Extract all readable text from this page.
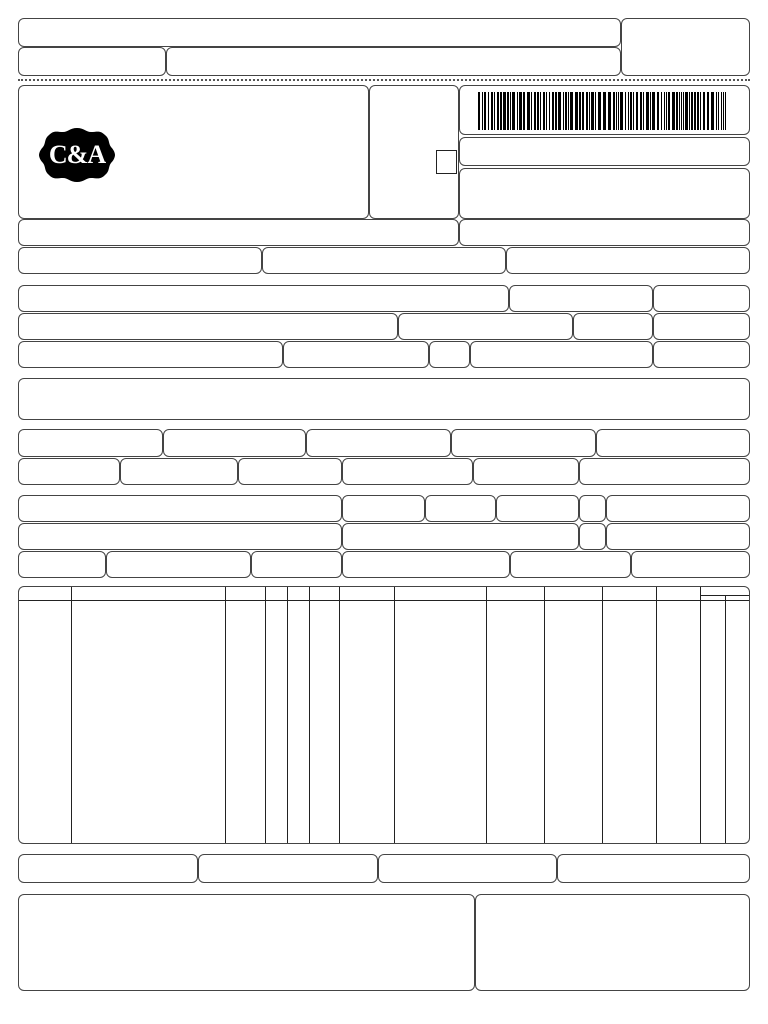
C&A
